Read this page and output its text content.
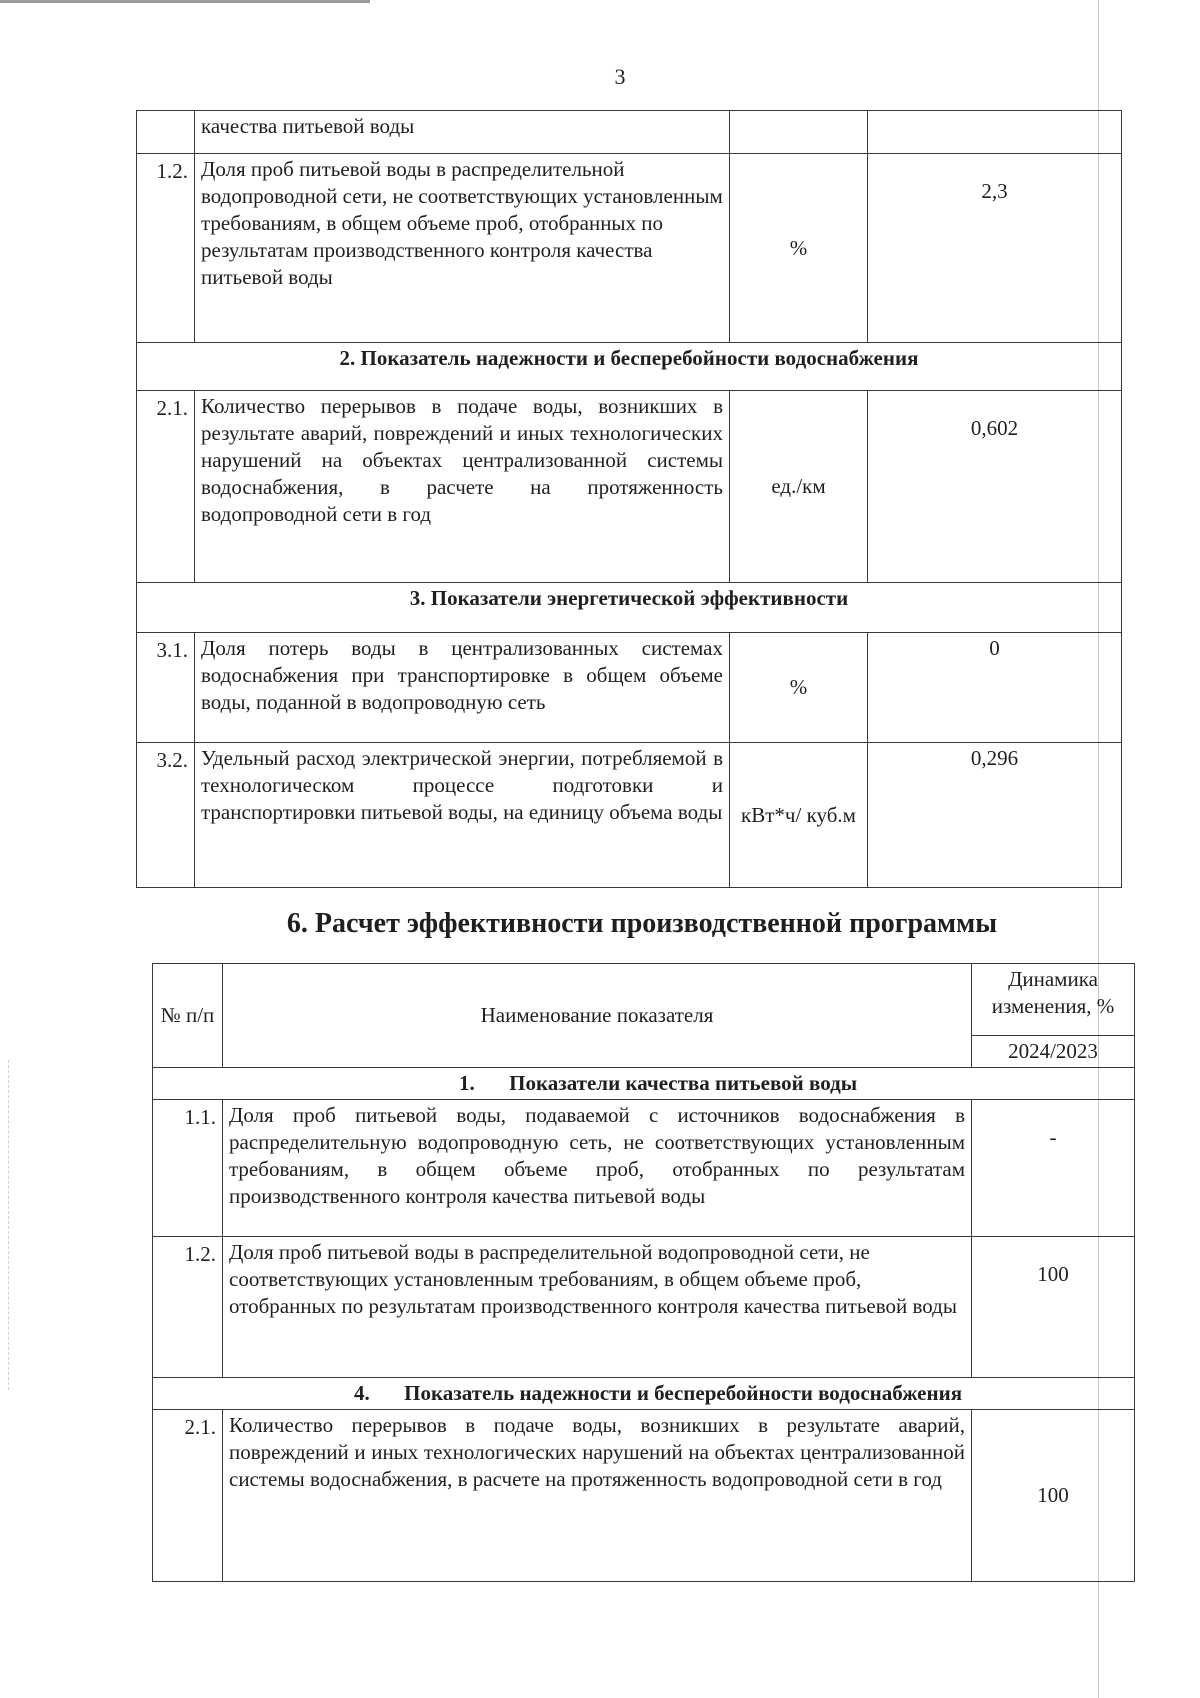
3
	качества питьевой воды		
1.2.	Доля проб питьевой воды в распределительной водопроводной сети, не соответствующих установленным требованиям, в общем объеме проб, отобранных по результатам производственного контроля качества питьевой воды	%	2,3
2. Показатель надежности и бесперебойности водоснабжения			
2.1.	Количество перерывов в подаче воды, возникших в результате аварий, повреждений и иных технологических нарушений на объектах централизованной системы водоснабжения, в расчете на протяженность водопроводной сети в год	ед./км	0,602
3. Показатели энергетической эффективности			
3.1.	Доля потерь воды в централизованных системах водоснабжения при транспортировке в общем объеме воды, поданной в водопроводную сеть	%	0
3.2.	Удельный расход электрической энергии, потребляемой в технологическом процессе подготовки и транспортировки питьевой воды, на единицу объема воды	кВт*ч/ куб.м	0,296
6. Расчет эффективности производственной программы
№ п/п	Наименование показателя	Динамика изменения, %
		2024/2023
1. Показатели качества питьевой воды		
1.1.	Доля проб питьевой воды, подаваемой с источников водоснабжения в распределительную водопроводную сеть, не соответствующих установленным требованиям, в общем объеме проб, отобранных по результатам производственного контроля качества питьевой воды	-
1.2.	Доля проб питьевой воды в распределительной водопроводной сети, не соответствующих установленным требованиям, в общем объеме проб, отобранных по результатам производственного контроля качества питьевой воды	100
4. Показатель надежности и бесперебойности водоснабжения		
2.1.	Количество перерывов в подаче воды, возникших в результате аварий, повреждений и иных технологических нарушений на объектах централизованной системы водоснабжения, в расчете на протяженность водопроводной сети в год	100
